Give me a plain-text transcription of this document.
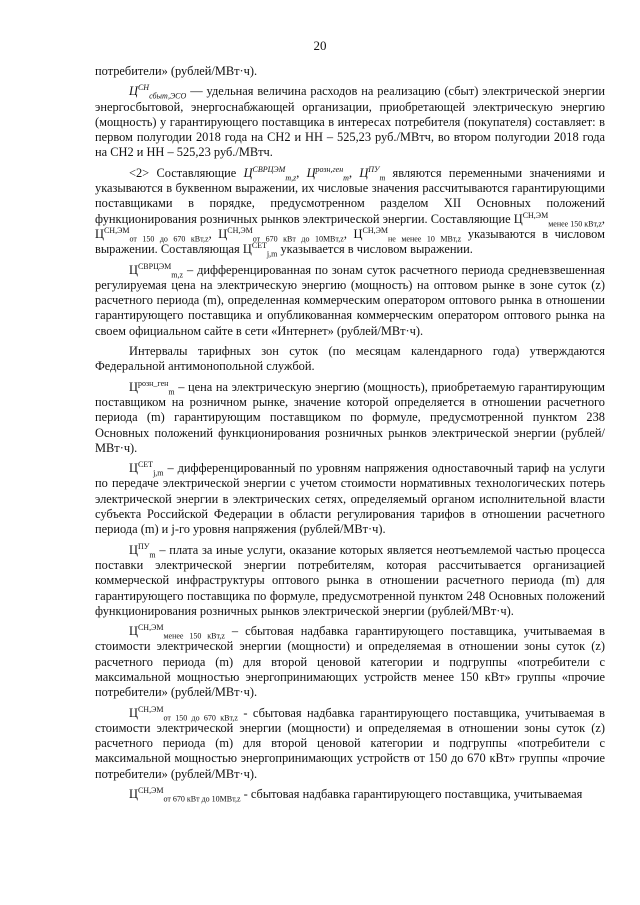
20

потребители» (рублей/МВт·ч).

$Ц^{СН}_{сбыт,ЭСО}$ — удельная величина расходов на реализацию (сбыт) электрической энергии энергосбытовой, энергоснабжающей организации, приобретающей электрическую энергию (мощность) у гарантирующего поставщика в интересах потребителя (покупателя) составляет: в первом полугодии 2018 года на СН2 и НН – 525,23 руб./МВтч, во втором полугодии 2018 года на СН2 и НН – 525,23 руб./МВтч.

<2> Составляющие $Ц^{СВРЦЭМ}_{m,z}$, $Ц^{розн,ген}_m$, $Ц^{ПУ}_m$ являются переменными значениями и указываются в буквенном выражении, их числовые значения рассчитываются гарантирующими поставщиками в порядке, предусмотренном разделом XII Основных положений функционирования розничных рынков электрической энергии. Составляющие $Ц^{СН,ЭМ}_{менее 150 кВт,z}$, $Ц^{СН,ЭМ}_{от 150 до 670 кВт,z}$, $Ц^{СН,ЭМ}_{от 670 кВт до 10МВт,z}$, $Ц^{СН,ЭМ}_{не менее 10 МВт,z}$ указываются в числовом выражении. Составляющая $Ц^{СЕТ}_{j,m}$ указывается в числовом выражении.

$Ц^{СВРЦЭМ}_{m,z}$ – дифференцированная по зонам суток расчетного периода средневзвешенная регулируемая цена на электрическую энергию (мощность) на оптовом рынке в зоне суток (z) расчетного периода (m), определенная коммерческим оператором оптового рынка в отношении гарантирующего поставщика и опубликованная коммерческим оператором оптового рынка на своем официальном сайте в сети «Интернет» (рублей/МВт·ч).

Интервалы тарифных зон суток (по месяцам календарного года) утверждаются Федеральной антимонопольной службой.

$Ц^{розн\_ген}_m$ – цена на электрическую энергию (мощность), приобретаемую гарантирующим поставщиком на розничном рынке, значение которой определяется в отношении расчетного периода (m) гарантирующим поставщиком по формуле, предусмотренной пунктом 238 Основных положений функционирования розничных рынков электрической энергии (рублей/МВт·ч).

$Ц^{СЕТ}_{j,m}$ – дифференцированный по уровням напряжения одноставочный тариф на услуги по передаче электрической энергии с учетом стоимости нормативных технологических потерь электрической энергии в электрических сетях, определяемый органом исполнительной власти субъекта Российской Федерации в области регулирования тарифов в отношении расчетного периода (m) и j-го уровня напряжения (рублей/МВт·ч).

$Ц^{ПУ}_m$ – плата за иные услуги, оказание которых является неотъемлемой частью процесса поставки электрической энергии потребителям, которая рассчитывается организацией коммерческой инфраструктуры оптового рынка в отношении расчетного периода (m) для гарантирующего поставщика по формуле, предусмотренной пунктом 248 Основных положений функционирования розничных рынков электрической энергии (рублей/МВт·ч).

$Ц^{СН,ЭМ}_{менее 150 кВт,z}$ – сбытовая надбавка гарантирующего поставщика, учитываемая в стоимости электрической энергии (мощности) и определяемая в отношении зоны суток (z) расчетного периода (m) для второй ценовой категории и подгруппы «потребители с максимальной мощностью энергопринимающих устройств менее 150 кВт» группы «прочие потребители» (рублей/МВт·ч).

$Ц^{СН,ЭМ}_{от 150 до 670 кВт,z}$ - сбытовая надбавка гарантирующего поставщика, учитываемая в стоимости электрической энергии (мощности) и определяемая в отношении зоны суток (z) расчетного периода (m) для второй ценовой категории и подгруппы «потребители с максимальной мощностью энергопринимающих устройств от 150 до 670 кВт» группы «прочие потребители» (рублей/МВт·ч).

$Ц^{СН,ЭМ}_{от 670 кВт до 10МВт,z}$ - сбытовая надбавка гарантирующего поставщика, учитываемая
